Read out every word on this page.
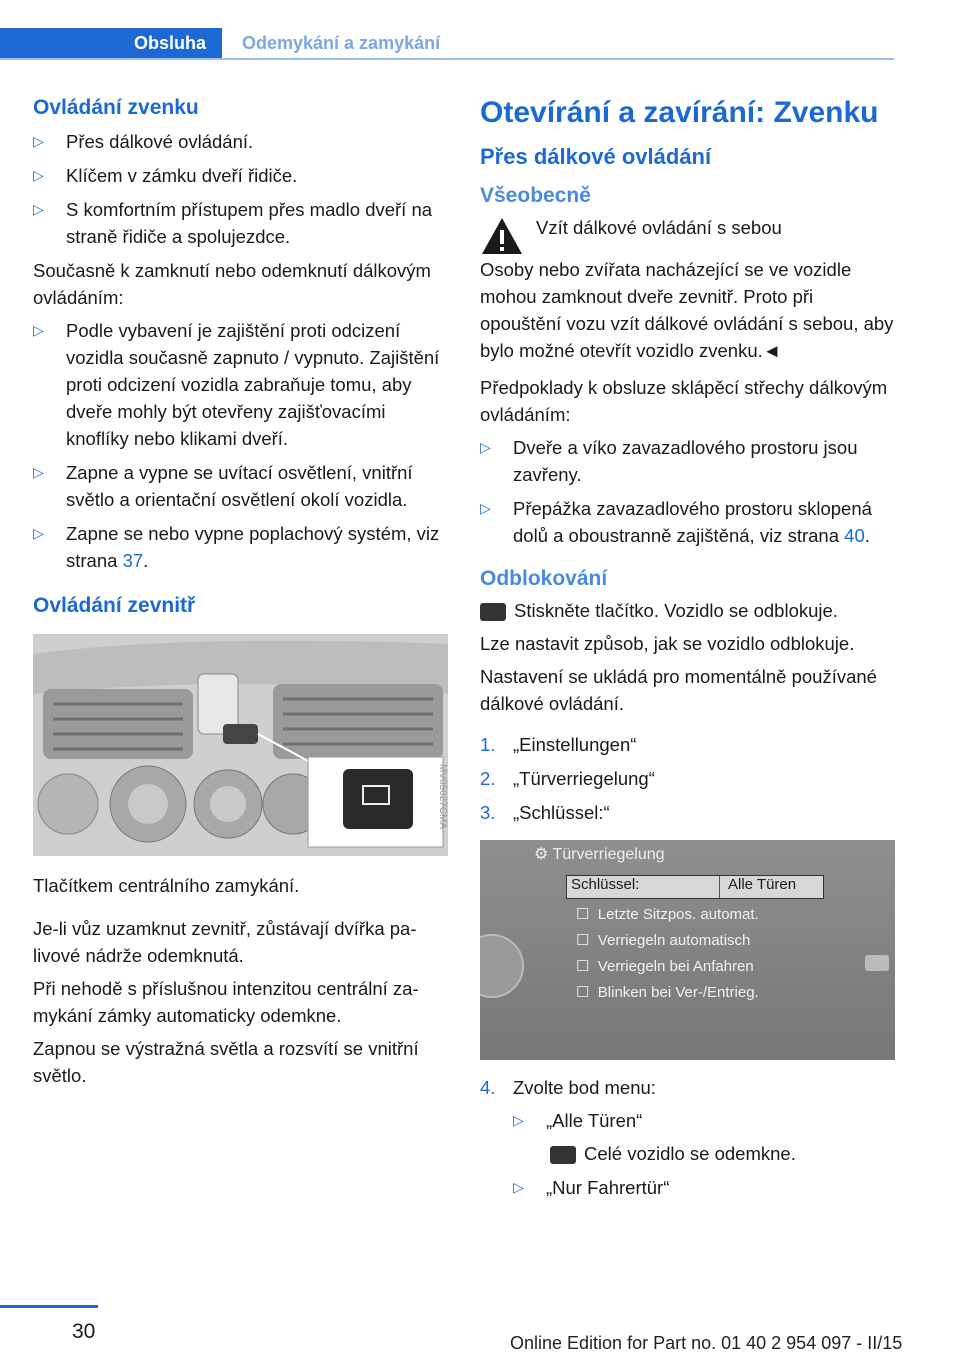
Obsluha Odemykání a zamykání
Ovládání zvenku
▷ Přes dálkové ovládání.
▷ Klíčem v zámku dveří řidiče.
▷ S komfortním přístupem přes madlo dveří na straně řidiče a spolujezdce.

Současně k zamknutí nebo odemknutí dálkovým ovládáním:

▷ Podle vybavení je zajištění proti odcizení vozidla současně zapnuto / vypnuto. Zajištění proti odcizení vozidla zabraňuje tomu, aby dveře mohly být otevřeny zajišťovacími knoflíky nebo klikami dveří.
▷ Zapne a vypne se uvítací osvětlení, vnitřní světlo a orientační osvětlení okolí vozidla.
▷ Zapne se nebo vypne poplachový systém, viz strana 37.
Ovládání zevnitř
MV05027CMA

Tlačítkem centrálního zamykání.

Je-li vůz uzamknut zevnitř, zůstávají dvířka palivové nádrže odemknutá.

Při nehodě s příslušnou intenzitou centrální zamykání zámky automaticky odemkne.

Zapnou se výstražná světla a rozsvítí se vnitřní světlo.

Otevírání a zavírání: Zvenku
Přes dálkové ovládání
Všeobecně

Vzít dálkové ovládání s sebou

Osoby nebo zvířata nacházející se ve vozidle mohou zamknout dveře zevnitř. Proto při opouštění vozu vzít dálkové ovládání s sebou, aby bylo možné otevřít vozidlo zvenku.◄

Předpoklady k obsluze sklápěcí střechy dálkovým ovládáním:

▷ Dveře a víko zavazadlového prostoru jsou zavřeny.
▷ Přepážka zavazadlového prostoru sklopená dolů a oboustranně zajištěná, viz strana 40.
Odblokování

Stiskněte tlačítko. Vozidlo se odblokuje.

Lze nastavit způsob, jak se vozidlo odblokuje.

Nastavení se ukládá pro momentálně používané dálkové ovládání.

1. „Einstellungen“
2. „Türverriegelung“
3. „Schlüssel:“
⚙ Türverriegelung
Schlüssel:	Alle Türen
☐ Letzte Sitzpos. automat.
☐ Verriegeln automatisch
☐ Verriegeln bei Anfahren
☐ Blinken bei Ver-/Entrieg.
4. Zvolte bod menu:
▷ „Alle Türen“
Celé vozidlo se odemkne.
▷ „Nur Fahrertür“
30	Online Edition for Part no. 01 40 2 954 097 - II/15
